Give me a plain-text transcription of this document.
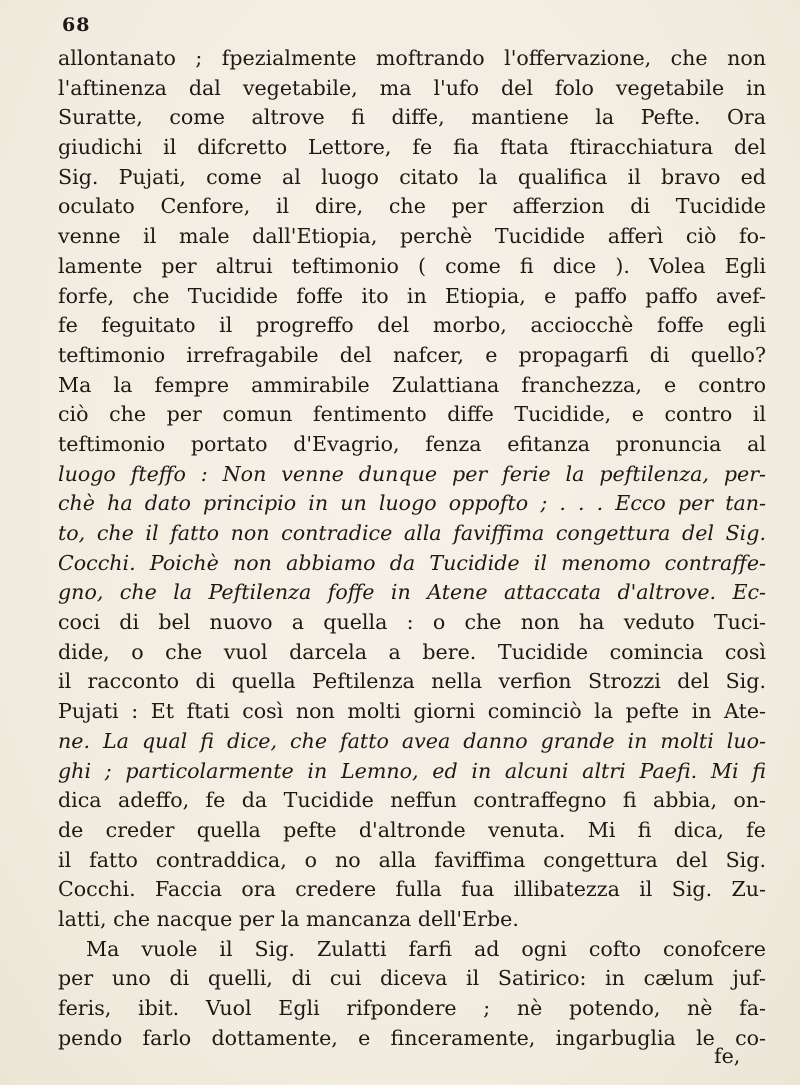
68
allontanato ; fpezialmente moftrando l'offervazione, che non
l'aftinenza dal vegetabile, ma l'ufo del folo vegetabile in
Suratte, come altrove fi diffe, mantiene la Pefte. Ora
giudichi il difcretto Lettore, fe fia ftata ftiracchiatura del
Sig. Pujati, come al luogo citato la qualifica il bravo ed
oculato Cenfore, il dire, che per afferzion di Tucidide
venne il male dall'Etiopia, perchè Tucidide afferì ciò fo-
lamente per altrui teftimonio ( come fi dice ). Volea Egli
forfe, che Tucidide foffe ito in Etiopia, e paffo paffo avef-
fe feguitato il progreffo del morbo, acciocchè foffe egli
teftimonio irrefragabile del nafcer, e propagarfi di quello?
Ma la fempre ammirabile Zulattiana franchezza, e contro
ciò che per comun fentimento diffe Tucidide, e contro il
teftimonio portato d'Evagrio, fenza efitanza pronuncia al
luogo fteffo : Non venne dunque per ferie la peftilenza, per-
chè ha dato principio in un luogo oppofto ; . . . Ecco per tan-
to, che il fatto non contradice alla faviffima congettura del Sig.
Cocchi. Poichè non abbiamo da Tucidide il menomo contraffe-
gno, che la Peftilenza foffe in Atene attaccata d'altrove. Ec-
coci di bel nuovo a quella : o che non ha veduto Tuci-
dide, o che vuol darcela a bere. Tucidide comincia così
il racconto di quella Peftilenza nella verfion Strozzi del Sig.
Pujati : Et ftati così non molti giorni cominciò la pefte in Ate-
ne. La qual fi dice, che fatto avea danno grande in molti luo-
ghi ; particolarmente in Lemno, ed in alcuni altri Paefi. Mi fi
dica adeffo, fe da Tucidide neffun contraffegno fi abbia, on-
de creder quella pefte d'altronde venuta. Mi fi dica, fe
il fatto contraddica, o no alla faviffima congettura del Sig.
Cocchi. Faccia ora credere fulla fua illibatezza il Sig. Zu-
latti, che nacque per la mancanza dell'Erbe.
Ma vuole il Sig. Zulatti farfi ad ogni cofto conofcere
per uno di quelli, di cui diceva il Satirico: in cælum juf-
feris, ibit. Vuol Egli rifpondere ; nè potendo, nè fa-
pendo farlo dottamente, e finceramente, ingarbuglia le co-
fe,
